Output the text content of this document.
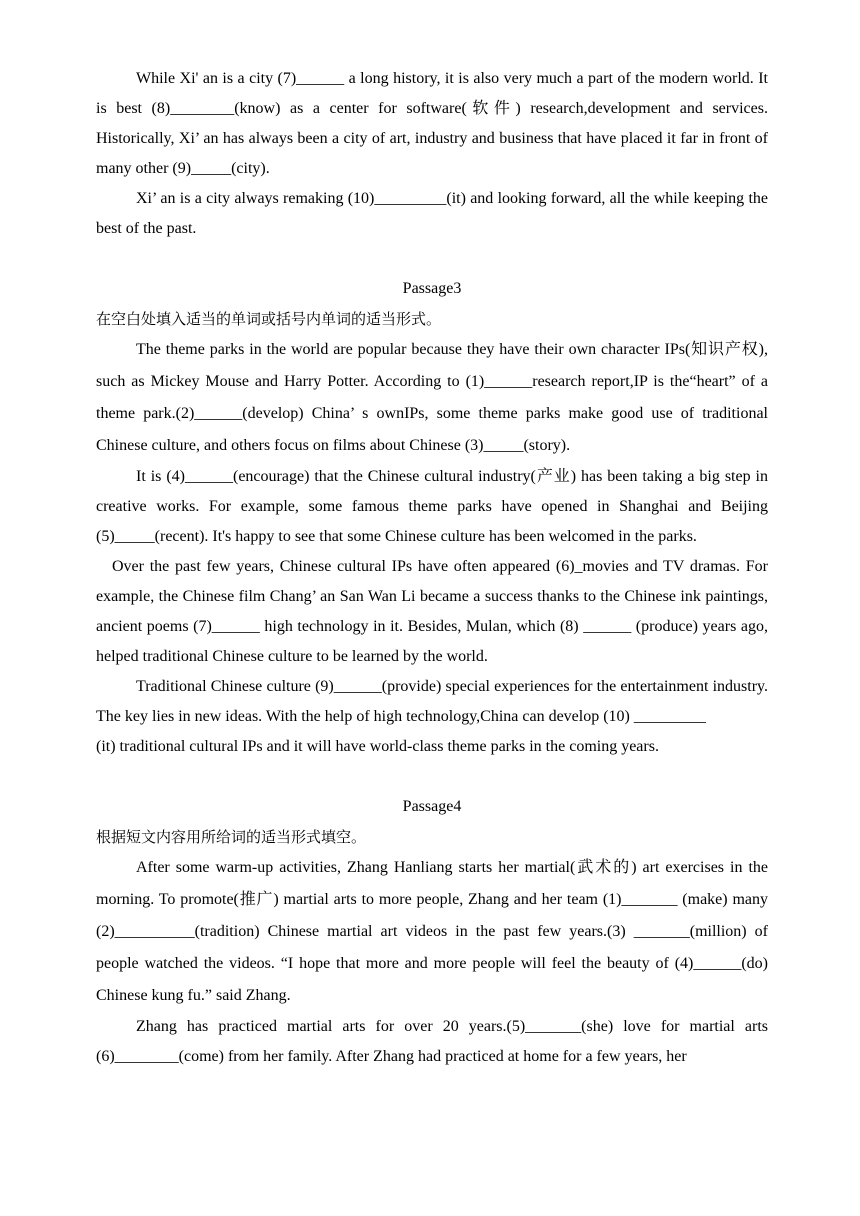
While Xi' an is a city (7)______ a long history, it is also very much a part of the modern world. It is best (8)________(know) as a center for software(软件) research,development and services. Historically, Xi’ an has always been a city of art, industry and business that have placed it far in front of many other (9)_____(city).

Xi’ an is a city always remaking (10)_________(it) and looking forward, all the while keeping the best of the past.

Passage3

在空白处填入适当的单词或括号内单词的适当形式。

The theme parks in the world are popular because they have their own character IPs(知识产权), such as Mickey Mouse and Harry Potter. According to (1)______research report,IP is the“heart” of a theme park.(2)______(develop) China’ s ownIPs, some theme parks make good use of traditional Chinese culture, and others focus on films about Chinese (3)_____(story).

It is (4)______(encourage) that the Chinese cultural industry(产业) has been taking a big step in creative works. For example, some famous theme parks have opened in Shanghai and Beijing (5)_____(recent). It's happy to see that some Chinese culture has been welcomed in the parks.

Over the past few years, Chinese cultural IPs have often appeared (6)_movies and TV dramas. For example, the Chinese film Chang’ an San Wan Li became a success thanks to the Chinese ink paintings, ancient poems (7)______ high technology in it. Besides, Mulan, which (8) ______ (produce) years ago, helped traditional Chinese culture to be learned by the world.

Traditional Chinese culture (9)______(provide) special experiences for the entertainment industry. The key lies in new ideas. With the help of high technology,China can develop (10) _________

(it) traditional cultural IPs and it will have world-class theme parks in the coming years.

Passage4

根据短文内容用所给词的适当形式填空。

After some warm-up activities, Zhang Hanliang starts her martial(武术的) art exercises in the morning. To promote(推广) martial arts to more people, Zhang and her team (1)_______ (make) many (2)__________(tradition) Chinese martial art videos in the past few years.(3) _______(million) of people watched the videos. “I hope that more and more people will feel the beauty of (4)______(do) Chinese kung fu.” said Zhang.

Zhang has practiced martial arts for over 20 years.(5)_______(she) love for martial arts (6)________(come) from her family. After Zhang had practiced at home for a few years, her
